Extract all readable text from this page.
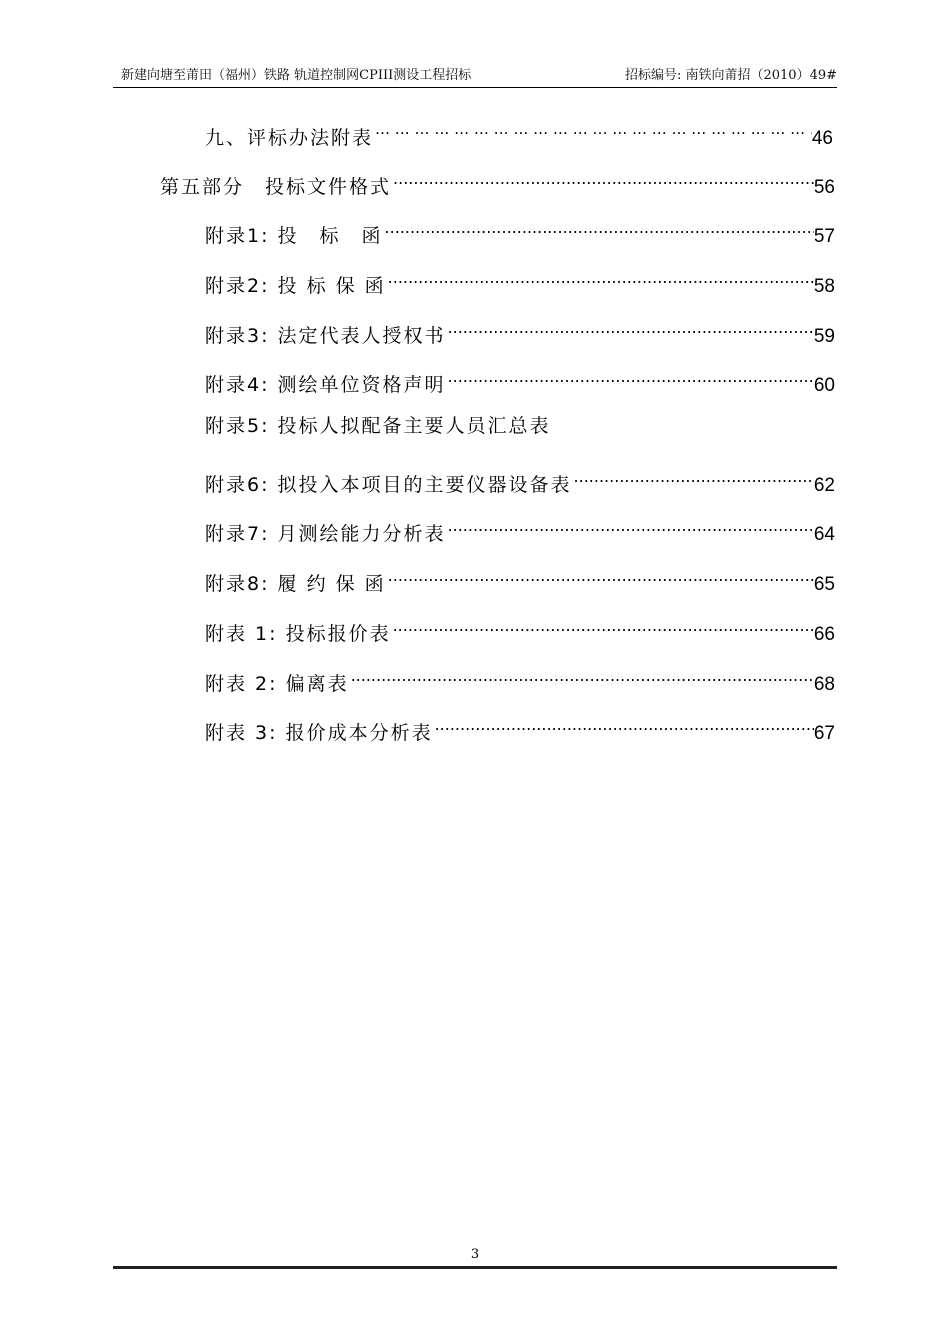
新建向塘至莆田（福州）铁路 轨道控制网CPIII测设工程招标	招标编号: 南铁向莆招（2010）49#
九、评标办法附表 … … … … … … … … … … … … … … … … … … … … … … … … … … … … … … … … … … … … … … … … … … … … … …	46
第五部分　投标文件格式 .....	56
附录1: 投　标　函 .....	57
附录2: 投 标 保 函 .....	58
附录3: 法定代表人授权书 .....	59
附录4: 测绘单位资格声明 .....	60
附录5: 投标人拟配备主要人员汇总表
附录6: 拟投入本项目的主要仪器设备表 .....	62
附录7: 月测绘能力分析表 .....	64
附录8: 履 约 保 函 .....	65
附表 1: 投标报价表 .....	66
附表 2: 偏离表 .....	68
附表 3: 报价成本分析表 .....	67
3
